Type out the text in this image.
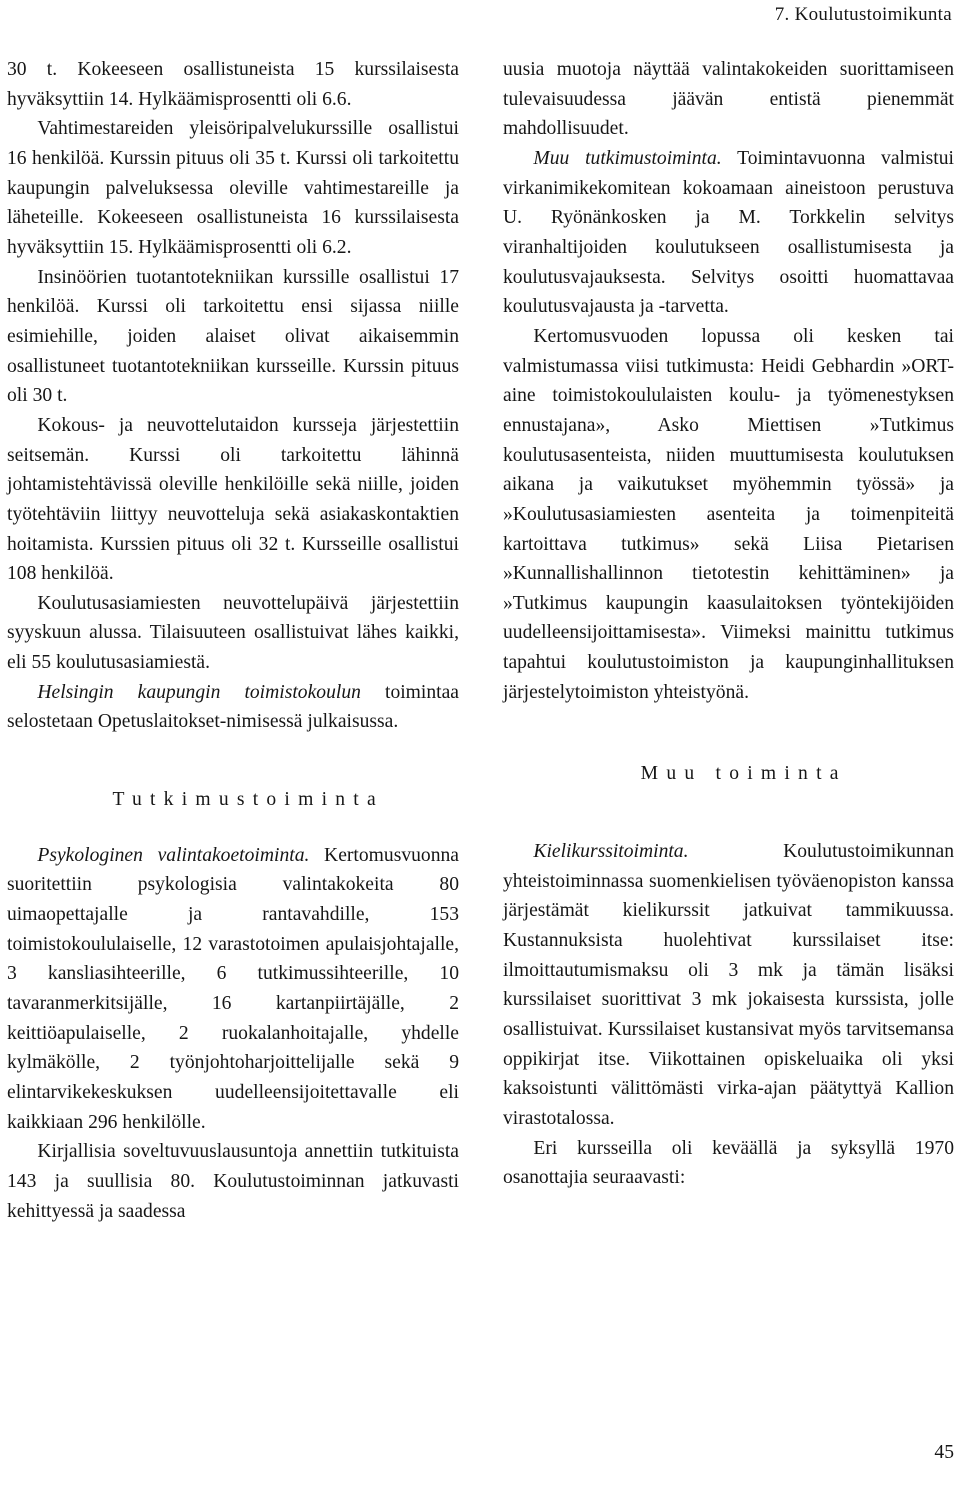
7. Koulutustoimikunta

30 t. Kokeeseen osallistuneista 15 kurssilaisesta hyväksyttiin 14. Hylkäämisprosentti oli 6.6.

Vahtimestareiden yleisöripalvelukurssille osallistui 16 henkilöä. Kurssin pituus oli 35 t. Kurssi oli tarkoitettu kaupungin palveluksessa oleville vahtimestareille ja läheteille. Kokeeseen osallistuneista 16 kurssilaisesta hyväksyttiin 15. Hylkäämisprosentti oli 6.2.

Insinöörien tuotantotekniikan kurssille osallistui 17 henkilöä. Kurssi oli tarkoitettu ensi sijassa niille esimiehille, joiden alaiset olivat aikaisemmin osallistuneet tuotantotekniikan kursseille. Kurssin pituus oli 30 t.

Kokous- ja neuvottelutaidon kursseja järjestettiin seitsemän. Kurssi oli tarkoitettu lähinnä johtamistehtävissä oleville henkilöille sekä niille, joiden työtehtäviin liittyy neuvotteluja sekä asiakaskontaktien hoitamista. Kurssien pituus oli 32 t. Kursseille osallistui 108 henkilöä.

Koulutusasiamiesten neuvottelupäivä järjestettiin syyskuun alussa. Tilaisuuteen osallistuivat lähes kaikki, eli 55 koulutusasiamiestä.

Helsingin kaupungin toimistokoulun toimintaa selostetaan Opetuslaitokset-nimisessä julkaisussa.

Tutkimustoiminta

Psykologinen valintakoetoiminta. Kertomusvuonna suoritettiin psykologisia valintakokeita 80 uimaopettajalle ja rantavahdille, 153 toimistokoululaiselle, 12 varastotoimen apulaisjohtajalle, 3 kansliasihteerille, 6 tutkimussihteerille, 10 tavaranmerkitsijälle, 16 kartanpiirtäjälle, 2 keittiöapulaiselle, 2 ruokalanhoitajalle, yhdelle kylmäkölle, 2 työnjohtoharjoittelijalle sekä 9 elintarvikekeskuksen uudelleensijoitettavalle eli kaikkiaan 296 henkilölle.

Kirjallisia soveltuvuuslausuntoja annettiin tutkituista 143 ja suullisia 80. Koulutustoiminnan jatkuvasti kehittyessä ja saadessa

uusia muotoja näyttää valintakokeiden suorittamiseen tulevaisuudessa jäävän entistä pienemmät mahdollisuudet.

Muu tutkimustoiminta. Toimintavuonna valmistui virkanimikekomitean kokoamaan aineistoon perustuva U. Ryönänkosken ja M. Torkkelin selvitys viranhaltijoiden koulutukseen osallistumisesta ja koulutusvajauksesta. Selvitys osoitti huomattavaa koulutusvajausta ja -tarvetta.

Kertomusvuoden lopussa oli kesken tai valmistumassa viisi tutkimusta: Heidi Gebhardin »ORT-aine toimistokoululaisten koulu- ja työmenestyksen ennustajana», Asko Miettisen »Tutkimus koulutusasenteista, niiden muuttumisesta koulutuksen aikana ja vaikutukset myöhemmin työssä» ja »Koulutusasiamiesten asenteita ja toimenpiteitä kartoittava tutkimus» sekä Liisa Pietarisen »Kunnallishallinnon tietotestin kehittäminen» ja »Tutkimus kaupungin kaasulaitoksen työntekijöiden uudelleensijoittamisesta». Viimeksi mainittu tutkimus tapahtui koulutustoimiston ja kaupunginhallituksen järjestelytoimiston yhteistyönä.

Muu toiminta

Kielikurssitoiminta. Koulutustoimikunnan yhteistoiminnassa suomenkielisen työväenopiston kanssa järjestämät kielikurssit jatkuivat tammikuussa. Kustannuksista huolehtivat kurssilaiset itse: ilmoittautumismaksu oli 3 mk ja tämän lisäksi kurssilaiset suorittivat 3 mk jokaisesta kurssista, jolle osallistuivat. Kurssilaiset kustansivat myös tarvitsemansa oppikirjat itse. Viikottainen opiskeluaika oli yksi kaksoistunti välittömästi virka-ajan päätyttyä Kallion virastotalossa.

Eri kursseilla oli keväällä ja syksyllä 1970 osanottajia seuraavasti:

45
